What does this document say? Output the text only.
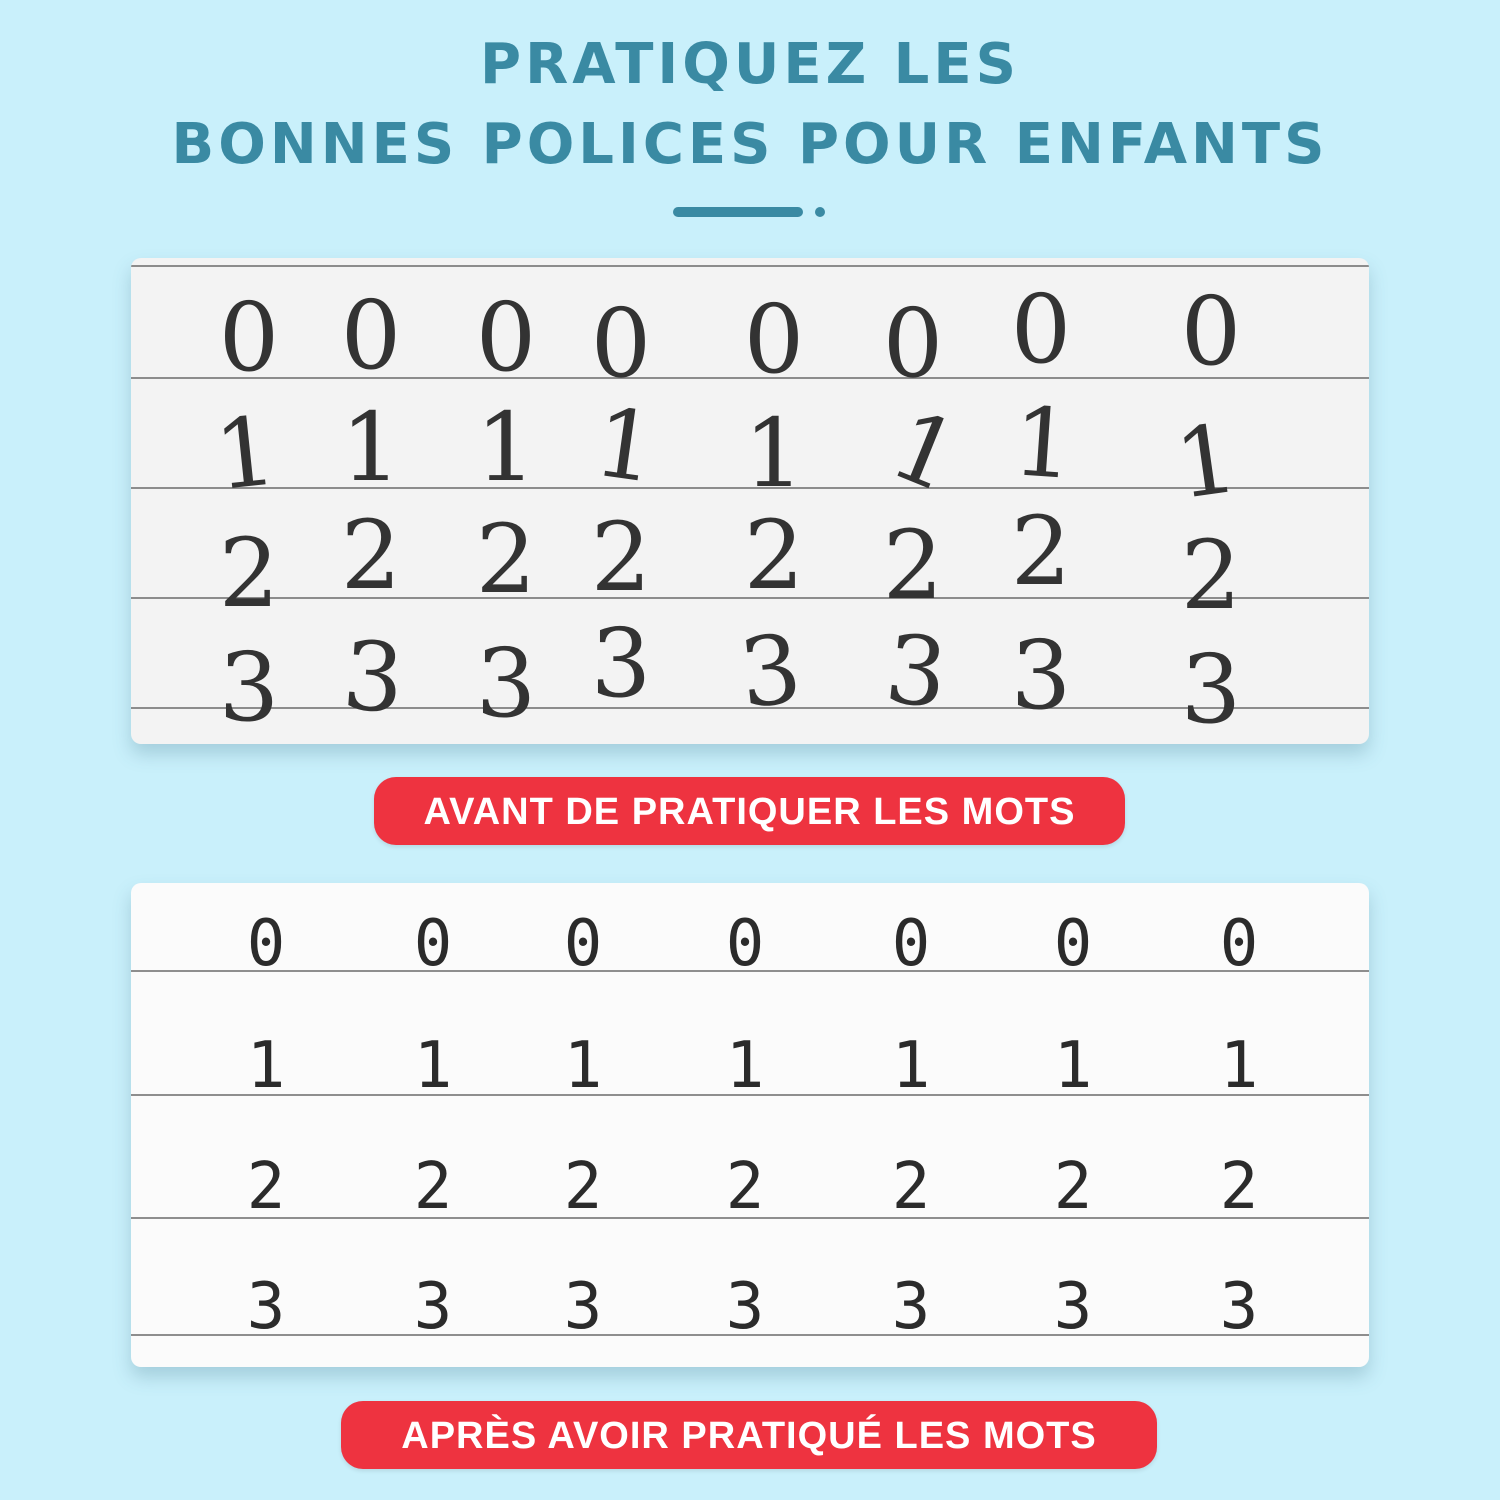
PRATIQUEZ LES
BONNES POLICES POUR ENFANTS
0 0 0 0 0 0 0 0
1 1 1 1 1 1 1 1
2 2 2 2 2 2 2 2
3 3 3 3 3 3 3 3
AVANT DE PRATIQUER LES MOTS
0 0 0 0 0 0 0
1 1 1 1 1 1 1
2 2 2 2 2 2 2
3 3 3 3 3 3 3
APRÈS AVOIR PRATIQUÉ LES MOTS
